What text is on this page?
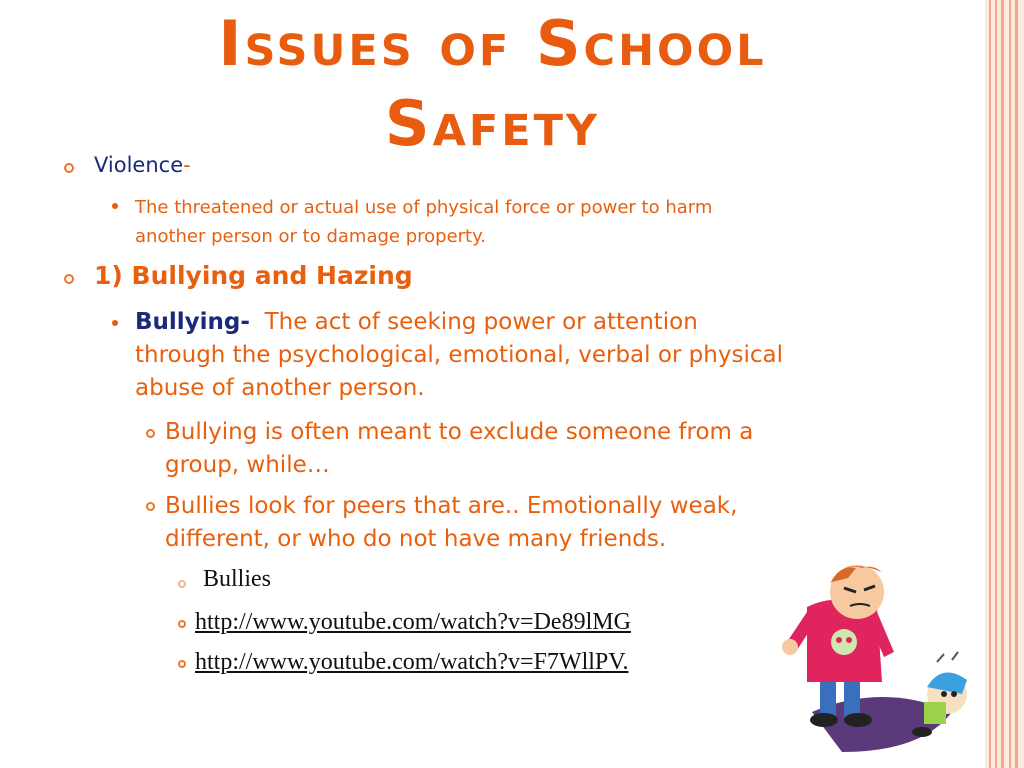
Issues of School
Safety
Violence-
The threatened or actual use of physical force or power to harm
another person or to damage property.
1) Bullying and Hazing
Bullying- The act of seeking power or attention
through the psychological, emotional, verbal or physical
abuse of another person.
Bullying is often meant to exclude someone from a
group, while…
Bullies look for peers that are.. Emotionally weak,
different, or who do not have many friends.
Bullies
http://www.youtube.com/watch?v=De89lMG
http://www.youtube.com/watch?v=F7WllPV.
